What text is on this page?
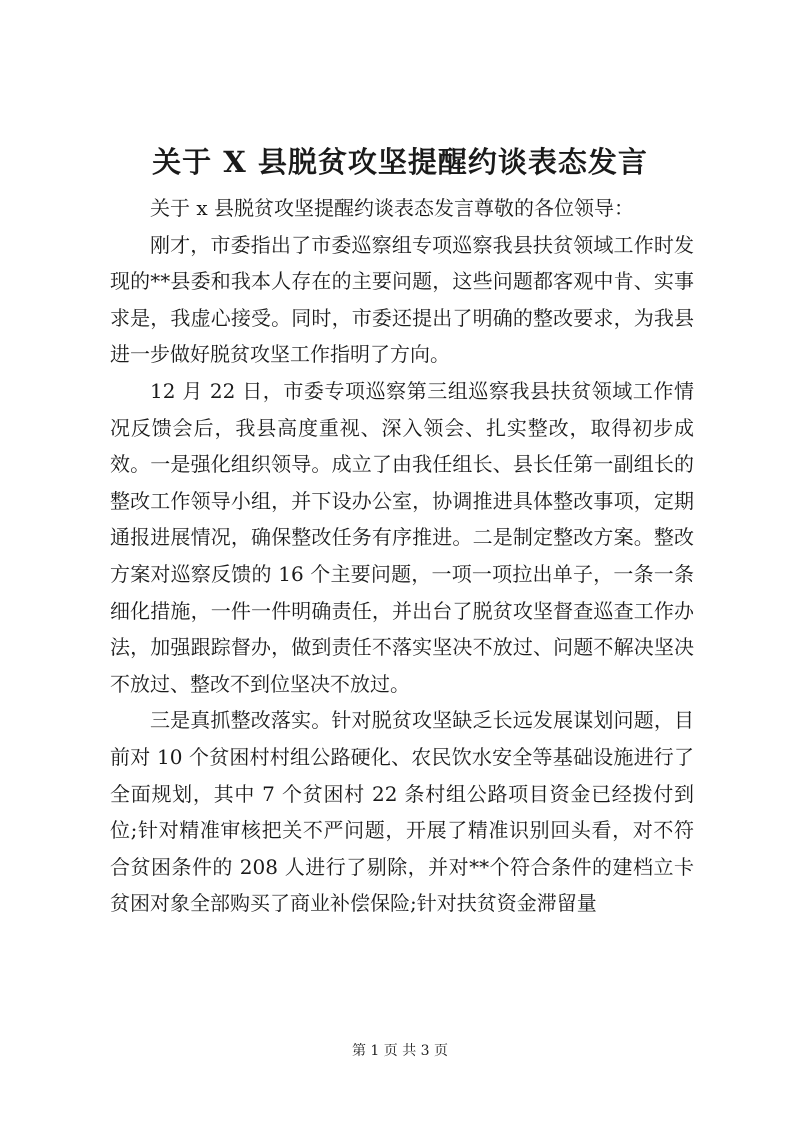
关于 X 县脱贫攻坚提醒约谈表态发言

关于 x 县脱贫攻坚提醒约谈表态发言尊敬的各位领导：

刚才，市委指出了市委巡察组专项巡察我县扶贫领域工作时发现的**县委和我本人存在的主要问题，这些问题都客观中肯、实事求是，我虚心接受。同时，市委还提出了明确的整改要求，为我县进一步做好脱贫攻坚工作指明了方向。

12 月 22 日，市委专项巡察第三组巡察我县扶贫领域工作情况反馈会后，我县高度重视、深入领会、扎实整改，取得初步成效。一是强化组织领导。成立了由我任组长、县长任第一副组长的整改工作领导小组，并下设办公室，协调推进具体整改事项，定期通报进展情况，确保整改任务有序推进。二是制定整改方案。整改方案对巡察反馈的 16 个主要问题，一项一项拉出单子，一条一条细化措施，一件一件明确责任，并出台了脱贫攻坚督查巡查工作办法，加强跟踪督办，做到责任不落实坚决不放过、问题不解决坚决不放过、整改不到位坚决不放过。

三是真抓整改落实。针对脱贫攻坚缺乏长远发展谋划问题，目前对 10 个贫困村村组公路硬化、农民饮水安全等基础设施进行了全面规划，其中 7 个贫困村 22 条村组公路项目资金已经拨付到位;针对精准审核把关不严问题，开展了精准识别回头看，对不符合贫困条件的 208 人进行了剔除，并对**个符合条件的建档立卡贫困对象全部购买了商业补偿保险;针对扶贫资金滞留量

第 1 页 共 3 页
